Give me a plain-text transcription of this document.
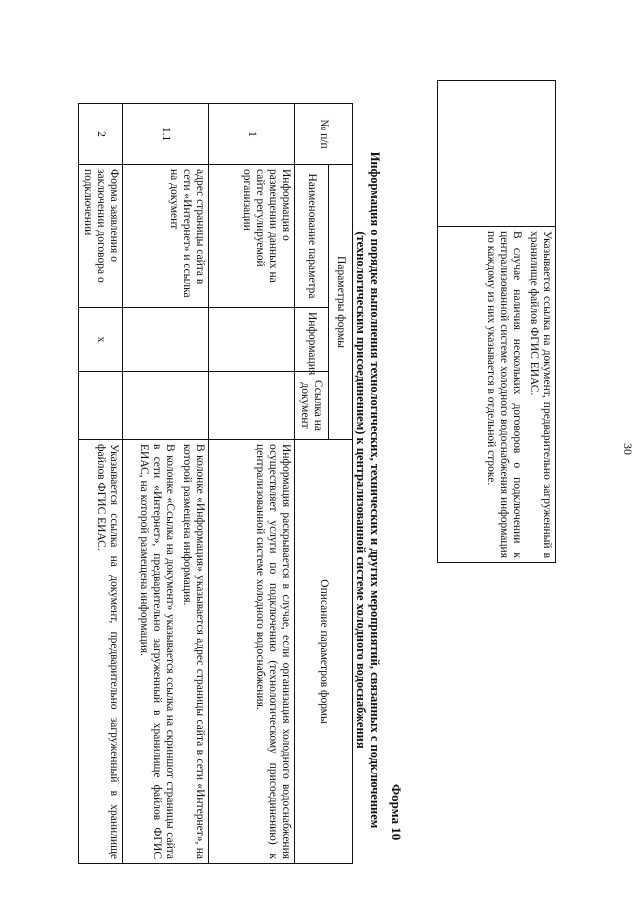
30

Указывается ссылка на документ, предварительно загруженный в хранилище файлов ФГИС ЕИАС.

В случае наличия нескольких договоров о подключении к централизованной системе холодного водоснабжения информация по каждому из них указывается в отдельной строке.

Форма 10
Информация о порядке выполнения технологических, технических и других мероприятий, связанных с подключением (технологическим присоединением) к централизованной системе холодного водоснабжения
№ п/п	Параметры формы			Описание параметров формы
	Наименование параметра	Информация	Ссылка на документ	
1	Информация о размещении данных на сайте регулируемой организации			Информация раскрывается в случае, если организация холодного водоснабжения осуществляет услуги по подключению (технологическому присоединению) к централизованной системе холодного водоснабжения.

1.1	адрес страницы сайта в сети «Интернет» и ссылка на документ			В колонке «Информация» указывается адрес страницы сайта в сети «Интернет», на которой размещена информация.

В колонке «Ссылка на документ» указывается ссылка на скриншот страницы сайта в сети «Интернет», предварительно загруженный в хранилище файлов ФГИС ЕИАС, на которой размещена информация.

2	Форма заявления о заключении договора о подключении	x		Указывается ссылка на документ, предварительно загруженный в хранилище файлов ФГИС ЕИАС.
